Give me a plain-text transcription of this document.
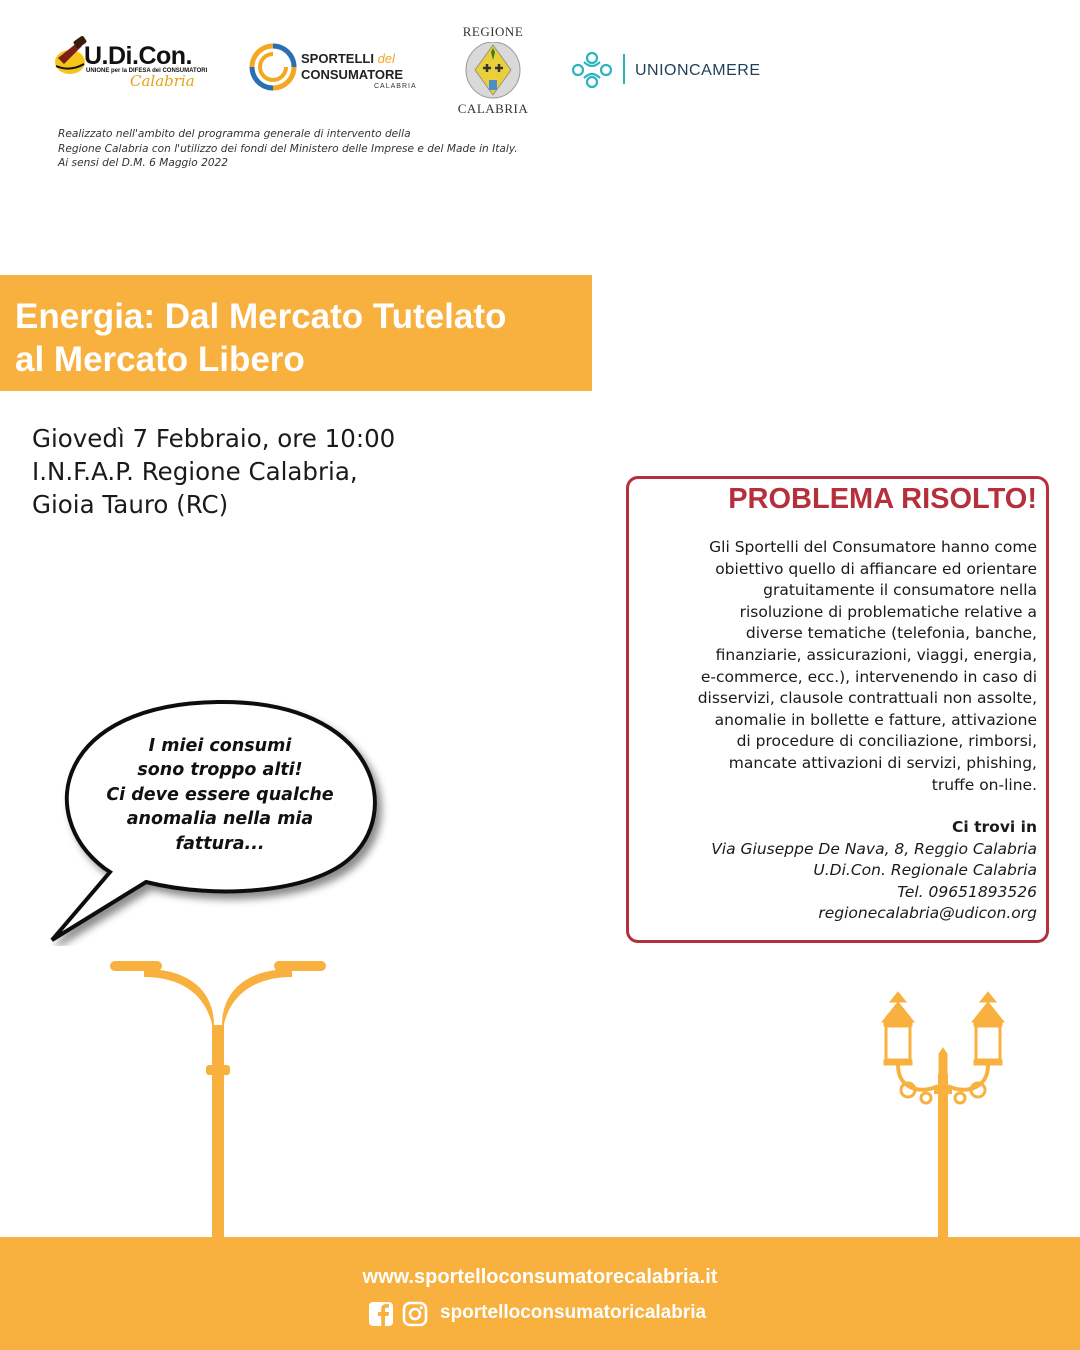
U.Di.Con.
UNIONE per la DIFESA dei CONSUMATORI
Calabria
SPORTELLI del
CONSUMATORE
CALABRIA
REGIONE
CALABRIA
UNIONCAMERE
Realizzato nell'ambito del programma generale di intervento della
Regione Calabria con l'utilizzo dei fondi del Ministero delle Imprese e del Made in Italy.
Ai sensi del D.M. 6 Maggio 2022
Energia: Dal Mercato Tutelato
al Mercato Libero
Giovedì 7 Febbraio, ore 10:00
I.N.F.A.P. Regione Calabria,
Gioia Tauro (RC)
I miei consumi
sono troppo alti!
Ci deve essere qualche
anomalia nella mia
fattura...
PROBLEMA RISOLTO!
Gli Sportelli del Consumatore hanno come
obiettivo quello di affiancare ed orientare
gratuitamente il consumatore nella
risoluzione di problematiche relative a
diverse tematiche (telefonia, banche,
finanziarie, assicurazioni, viaggi, energia,
e-commerce, ecc.), intervenendo in caso di
disservizi, clausole contrattuali non assolte,
anomalie in bollette e fatture, attivazione
di procedure di conciliazione, rimborsi,
mancate attivazioni di servizi, phishing,
truffe on-line.
Ci trovi in
Via Giuseppe De Nava, 8, Reggio Calabria
U.Di.Con. Regionale Calabria
Tel. 09651893526
regionecalabria@udicon.org
www.sportelloconsumatorecalabria.it
sportelloconsumatoricalabria
